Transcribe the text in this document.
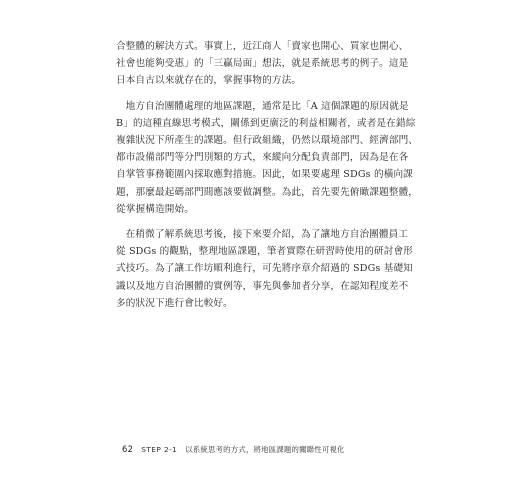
合整體的解決方式。事實上，近江商人「賣家也開心、買家也開心、
社會也能夠受惠」的「三贏局面」想法，就是系統思考的例子。這是
日本自古以來就存在的，掌握事物的方法。

地方自治團體處理的地區課題，通常是比「A 這個課題的原因就是
B」的這種直線思考模式，關係到更廣泛的利益相關者，或者是在錯綜
複雜狀況下所產生的課題。但行政組織，仍然以環境部門、經濟部門、
都市設備部門等分門別類的方式，來縱向分配負責部門，因為是在各
自掌管事務範圍內採取應對措施。因此，如果要處理 SDGs 的橫向課
題，那麼最起碼部門間應該要做調整。為此，首先要先俯瞰課題整體，
從掌握構造開始。

在稍微了解系統思考後，接下來要介紹，為了讓地方自治團體員工
從 SDGs 的觀點，整理地區課題，筆者實際在研習時使用的研討會形
式技巧。為了讓工作坊順利進行，可先將序章介紹過的 SDGs 基礎知
識以及地方自治團體的實例等，事先與參加者分享，在認知程度差不
多的狀況下進行會比較好。

62 STEP 2-1 以系統思考的方式，將地區課題的關聯性可視化
